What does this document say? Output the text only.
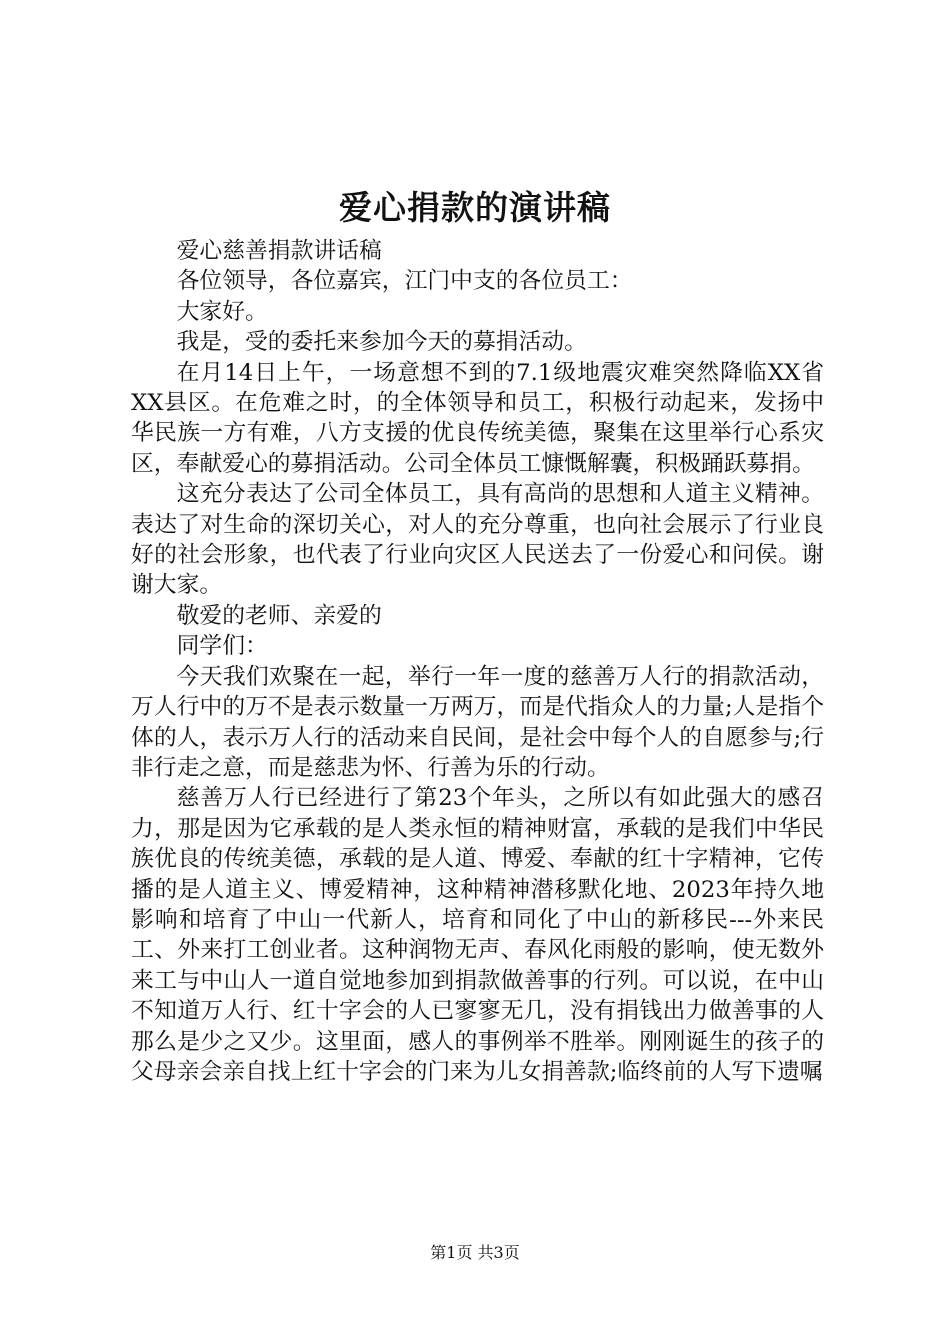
爱心捐款的演讲稿

爱心慈善捐款讲话稿

各位领导，各位嘉宾，江门中支的各位员工：

大家好。

我是，受的委托来参加今天的募捐活动。

在月14日上午，一场意想不到的7.1级地震灾难突然降临XX省XX县区。在危难之时，的全体领导和员工，积极行动起来，发扬中华民族一方有难，八方支援的优良传统美德，聚集在这里举行心系灾区，奉献爱心的募捐活动。公司全体员工慷慨解囊，积极踊跃募捐。

这充分表达了公司全体员工，具有高尚的思想和人道主义精神。表达了对生命的深切关心，对人的充分尊重，也向社会展示了行业良好的社会形象，也代表了行业向灾区人民送去了一份爱心和问侯。谢谢大家。

敬爱的老师、亲爱的

同学们：

今天我们欢聚在一起，举行一年一度的慈善万人行的捐款活动，万人行中的万不是表示数量一万两万，而是代指众人的力量;人是指个体的人，表示万人行的活动来自民间，是社会中每个人的自愿参与;行非行走之意，而是慈悲为怀、行善为乐的行动。

慈善万人行已经进行了第23个年头，之所以有如此强大的感召力，那是因为它承载的是人类永恒的精神财富，承载的是我们中华民族优良的传统美德，承载的是人道、博爱、奉献的红十字精神，它传播的是人道主义、博爱精神，这种精神潜移默化地、2023年持久地影响和培育了中山一代新人，培育和同化了中山的新移民---外来民工、外来打工创业者。这种润物无声、春风化雨般的影响，使无数外来工与中山人一道自觉地参加到捐款做善事的行列。可以说，在中山不知道万人行、红十字会的人已寥寥无几，没有捐钱出力做善事的人那么是少之又少。这里面，感人的事例举不胜举。刚刚诞生的孩子的父母亲会亲自找上红十字会的门来为儿女捐善款;临终前的人写下遗嘱

第1页 共3页
